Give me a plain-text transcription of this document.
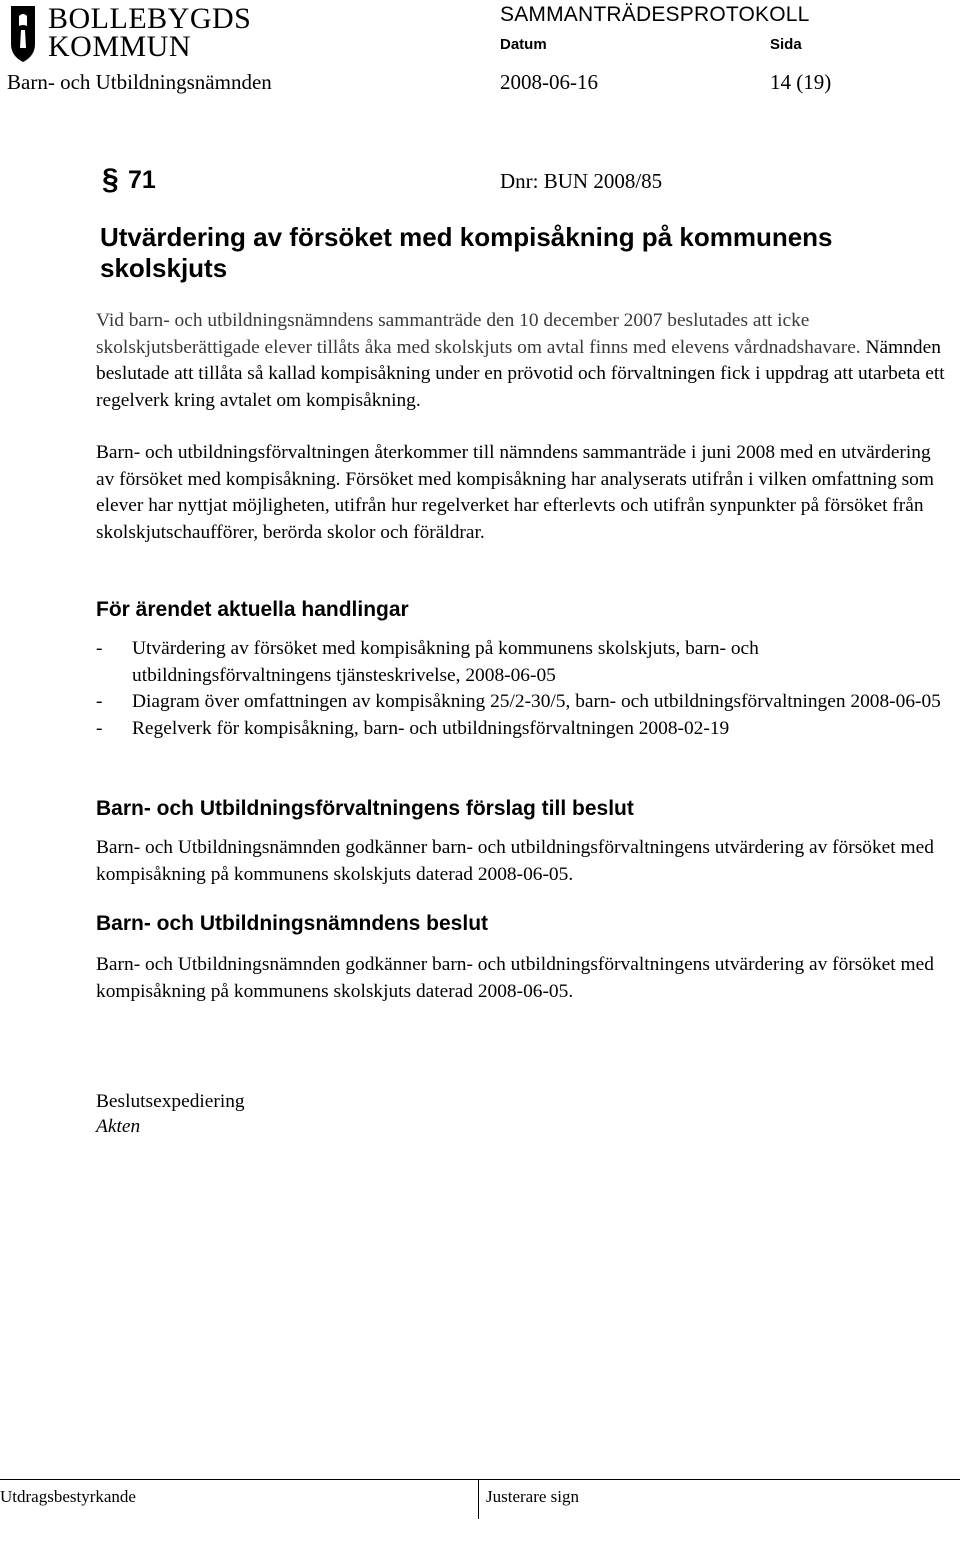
BOLLEBYGDS
KOMMUN
SAMMANTRÄDESPROTOKOLL
Datum	Sida
Barn- och Utbildningsnämnden	2008-06-16	14 (19)
§ 71	Dnr: BUN 2008/85
Utvärdering av försöket med kompisåkning på kommunens skolskjuts
Vid barn- och utbildningsnämndens sammanträde den 10 december 2007 beslutades att icke skolskjutsberättigade elever tillåts åka med skolskjuts om avtal finns med elevens vårdnadshavare. Nämnden beslutade att tillåta så kallad kompisåkning under en prövotid och förvaltningen fick i uppdrag att utarbeta ett regelverk kring avtalet om kompisåkning.
Barn- och utbildningsförvaltningen återkommer till nämndens sammanträde i juni 2008 med en utvärdering av försöket med kompisåkning. Försöket med kompisåkning har analyserats utifrån i vilken omfattning som elever har nyttjat möjligheten, utifrån hur regelverket har efterlevts och utifrån synpunkter på försöket från skolskjutschaufförer, berörda skolor och föräldrar.
För ärendet aktuella handlingar
- Utvärdering av försöket med kompisåkning på kommunens skolskjuts, barn- och utbildningsförvaltningens tjänsteskrivelse, 2008-06-05
- Diagram över omfattningen av kompisåkning 25/2-30/5, barn- och utbildningsförvaltningen 2008-06-05
- Regelverk för kompisåkning, barn- och utbildningsförvaltningen 2008-02-19
Barn- och Utbildningsförvaltningens förslag till beslut
Barn- och Utbildningsnämnden godkänner barn- och utbildningsförvaltningens utvärdering av försöket med kompisåkning på kommunens skolskjuts daterad 2008-06-05.
Barn- och Utbildningsnämndens beslut
Barn- och Utbildningsnämnden godkänner barn- och utbildningsförvaltningens utvärdering av försöket med kompisåkning på kommunens skolskjuts daterad 2008-06-05.
Beslutsexpediering
Akten
Utdragsbestyrkande	Justerare sign
